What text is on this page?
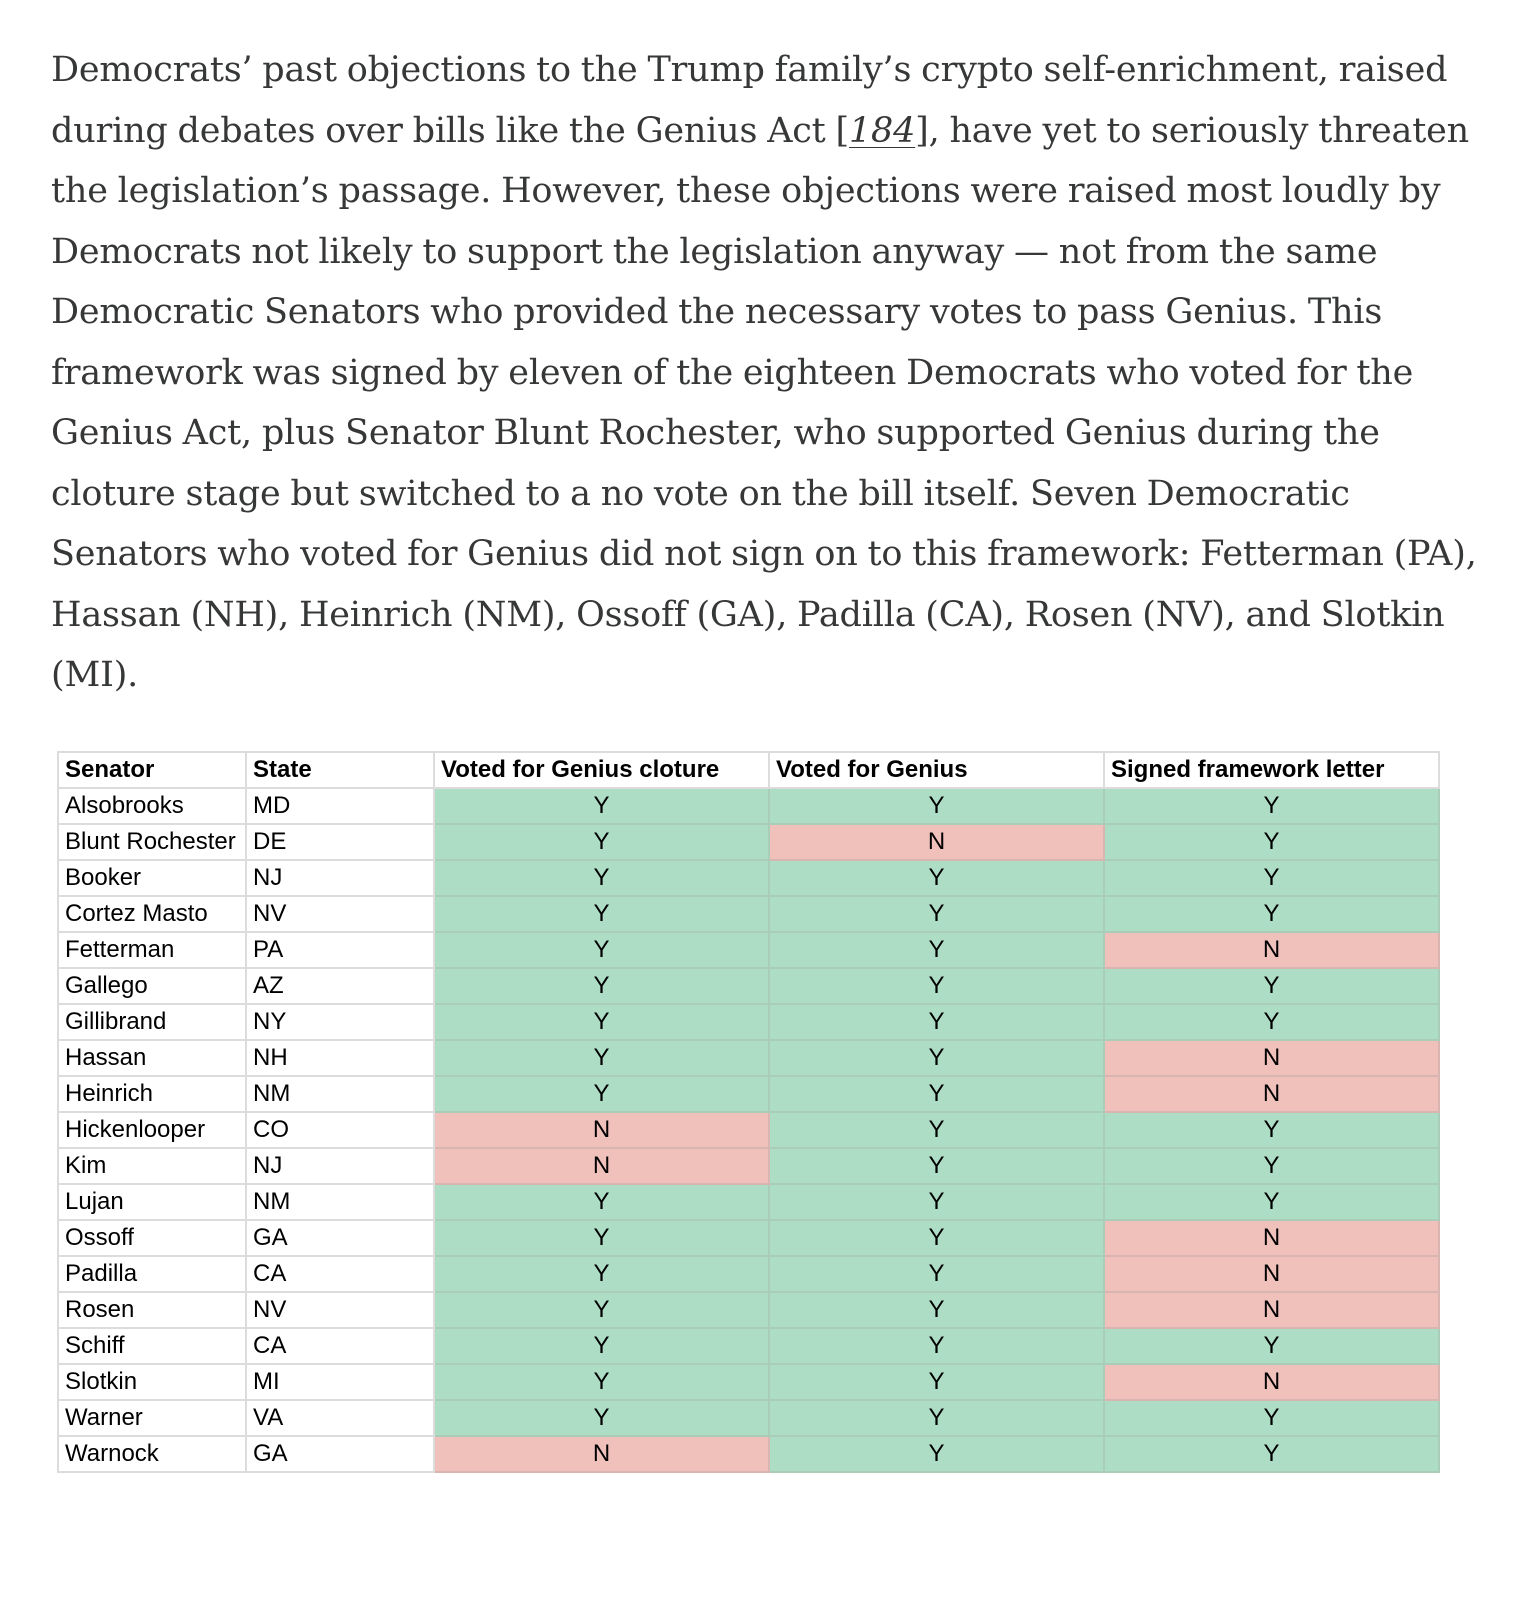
Democrats’ past objections to the Trump family’s crypto self-enrichment, raised during debates over bills like the Genius Act [184], have yet to seriously threaten the legislation’s passage. However, these objections were raised most loudly by Democrats not likely to support the legislation anyway — not from the same Democratic Senators who provided the necessary votes to pass Genius. This framework was signed by eleven of the eighteen Democrats who voted for the Genius Act, plus Senator Blunt Rochester, who supported Genius during the cloture stage but switched to a no vote on the bill itself. Seven Democratic Senators who voted for Genius did not sign on to this framework: Fetterman (PA), Hassan (NH), Heinrich (NM), Ossoff (GA), Padilla (CA), Rosen (NV), and Slotkin (MI).

Senator	State	Voted for Genius cloture	Voted for Genius	Signed framework letter
Alsobrooks	MD	Y	Y	Y
Blunt Rochester	DE	Y	N	Y
Booker	NJ	Y	Y	Y
Cortez Masto	NV	Y	Y	Y
Fetterman	PA	Y	Y	N
Gallego	AZ	Y	Y	Y
Gillibrand	NY	Y	Y	Y
Hassan	NH	Y	Y	N
Heinrich	NM	Y	Y	N
Hickenlooper	CO	N	Y	Y
Kim	NJ	N	Y	Y
Lujan	NM	Y	Y	Y
Ossoff	GA	Y	Y	N
Padilla	CA	Y	Y	N
Rosen	NV	Y	Y	N
Schiff	CA	Y	Y	Y
Slotkin	MI	Y	Y	N
Warner	VA	Y	Y	Y
Warnock	GA	N	Y	Y
